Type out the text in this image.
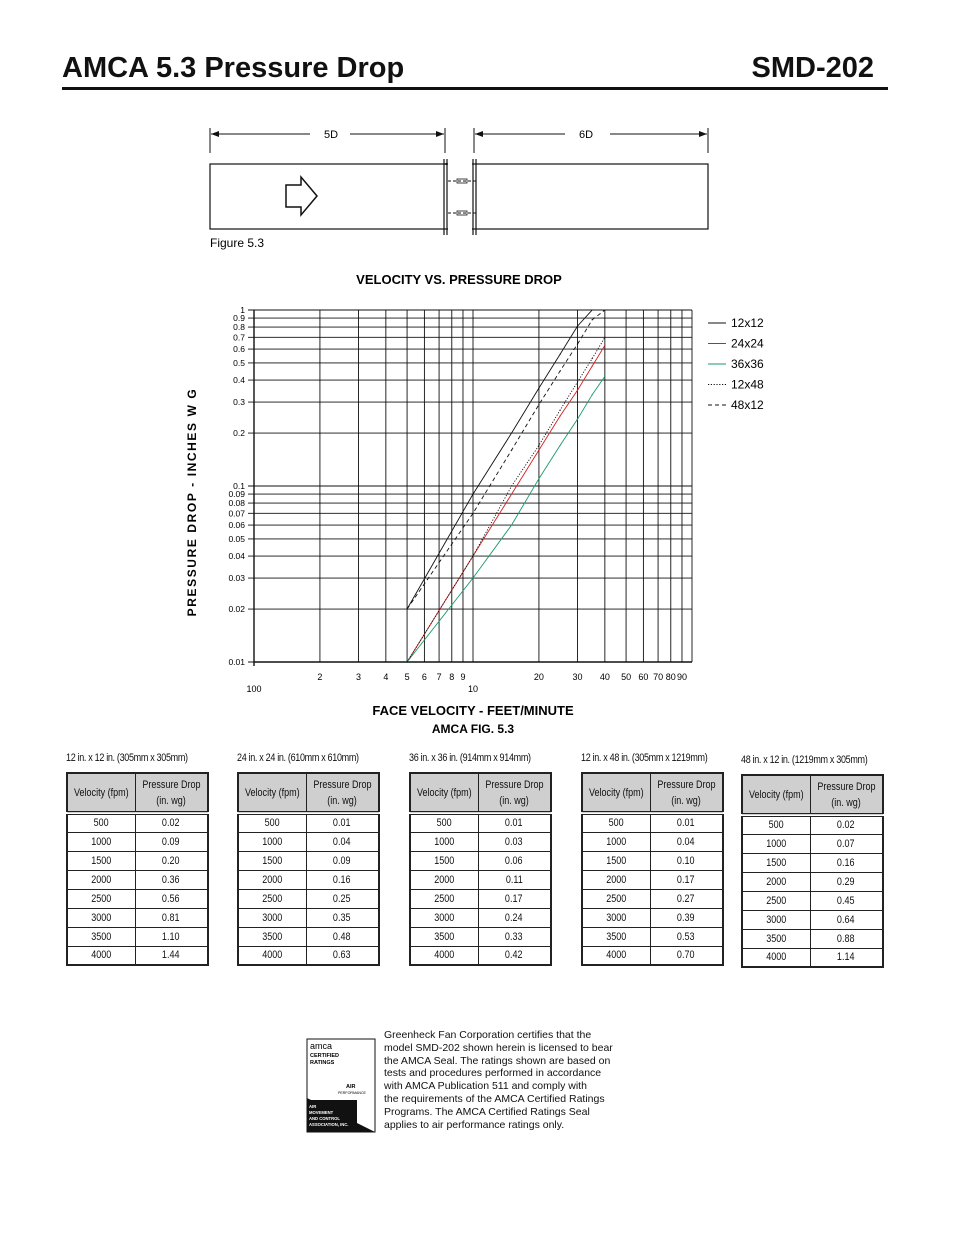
AMCA 5.3 Pressure Drop	SMD-202
5D	6D
Figure 5.3
VELOCITY VS. PRESSURE DROP
100
2	3 4 5 6 7 8 9
10
20	30 40 50 60 70 80 90
0.01
0.02
0.03
0.04
0.05
0.06
0.07
0.08
0.09
0.1
0.2
0.3
0.4
0.5
0.6
0.7
0.8
0.9
1
12x12
24x24
36x36
12x48
48x12
PRESSURE DROP - INCHES W G
FACE VELOCITY - FEET/MINUTE
AMCA FIG. 5.3
12 in. x 12 in. (305mm x 305mm)
Velocity (fpm)	Pressure Drop
(in. wg)
500	0.02
1000	0.09
1500	0.20
2000	0.36
2500	0.56
3000	0.81
3500	1.10
4000	1.44
24 in. x 24 in. (610mm x 610mm)
Velocity (fpm)	Pressure Drop
(in. wg)
500	0.01
1000	0.04
1500	0.09
2000	0.16
2500	0.25
3000	0.35
3500	0.48
4000	0.63
36 in. x 36 in. (914mm x 914mm)
Velocity (fpm)	Pressure Drop
(in. wg)
500	0.01
1000	0.03
1500	0.06
2000	0.11
2500	0.17
3000	0.24
3500	0.33
4000	0.42
12 in. x 48 in. (305mm x 1219mm)
Velocity (fpm)	Pressure Drop
(in. wg)
500	0.01
1000	0.04
1500	0.10
2000	0.17
2500	0.27
3000	0.39
3500	0.53
4000	0.70
48 in. x 12 in. (1219mm x 305mm)
Velocity (fpm)	Pressure Drop
(in. wg)
500	0.02
1000	0.07
1500	0.16
2000	0.29
2500	0.45
3000	0.64
3500	0.88
4000	1.14
amca
CERTIFIED
RATINGS
AIR
PERFORMANCE
AIR
MOVEMENT
AND CONTROL
ASSOCIATION, INC.
Greenheck Fan Corporation certifies that the
model SMD-202 shown herein is licensed to bear
the AMCA Seal. The ratings shown are based on
tests and procedures performed in accordance
with AMCA Publication 511 and comply with
the requirements of the AMCA Certified Ratings
Programs. The AMCA Certified Ratings Seal
applies to air performance ratings only.
